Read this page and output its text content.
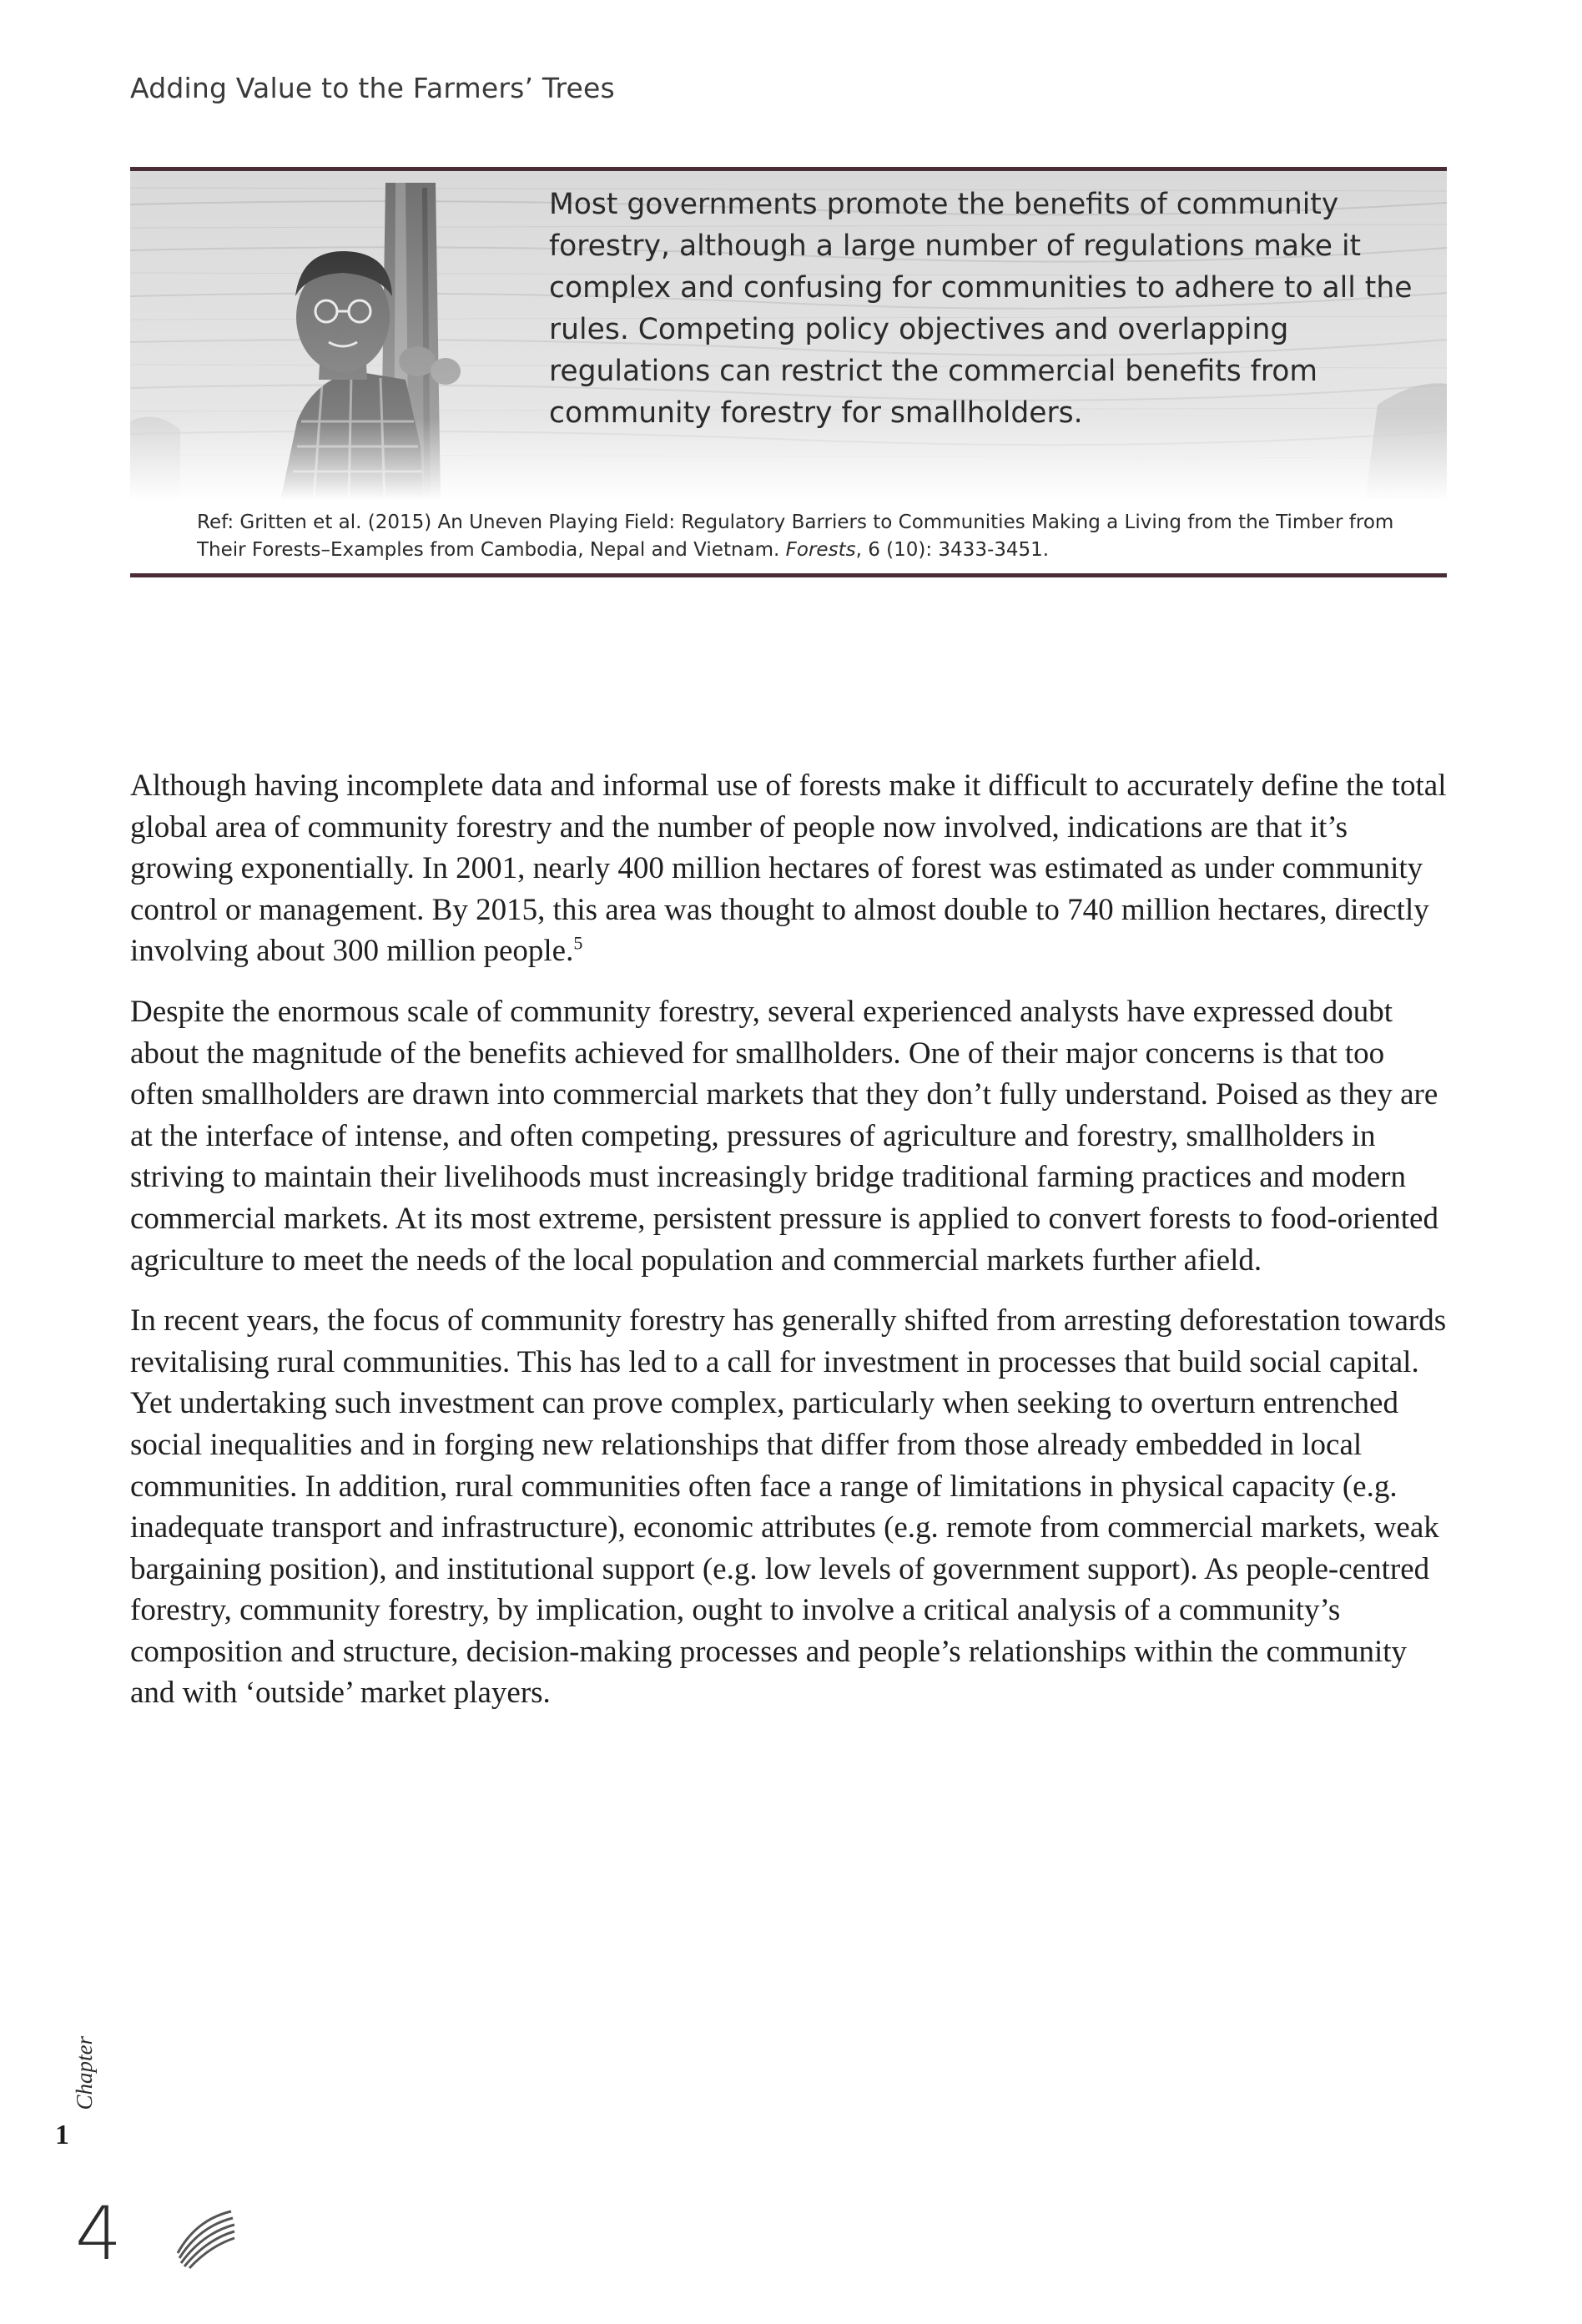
Adding Value to the Farmers’ Trees

Most governments promote the benefits of community forestry, although a large number of regulations make it complex and confusing for communities to adhere to all the rules. Competing policy objectives and overlapping regulations can restrict the commercial benefits from community forestry for smallholders.

Ref: Gritten et al. (2015) An Uneven Playing Field: Regulatory Barriers to Communities Making a Living from the Timber from Their Forests–Examples from Cambodia, Nepal and Vietnam. Forests, 6 (10): 3433-3451.

Although having incomplete data and informal use of forests make it difficult to accurately define the total global area of community forestry and the number of people now involved, indications are that it’s growing exponentially. In 2001, nearly 400 million hectares of forest was estimated as under community control or management. By 2015, this area was thought to almost double to 740 million hectares, directly involving about 300 million people.$^5$

Despite the enormous scale of community forestry, several experienced analysts have expressed doubt about the magnitude of the benefits achieved for smallholders. One of their major concerns is that too often smallholders are drawn into commercial markets that they don’t fully understand. Poised as they are at the interface of intense, and often competing, pressures of agriculture and forestry, smallholders in striving to maintain their livelihoods must increasingly bridge traditional farming practices and modern commercial markets. At its most extreme, persistent pressure is applied to convert forests to food-oriented agriculture to meet the needs of the local population and commercial markets further afield.

In recent years, the focus of community forestry has generally shifted from arresting deforestation towards revitalising rural communities. This has led to a call for investment in processes that build social capital. Yet undertaking such investment can prove complex, particularly when seeking to overturn entrenched social inequalities and in forging new relationships that differ from those already embedded in local communities. In addition, rural communities often face a range of limitations in physical capacity (e.g. inadequate transport and infrastructure), economic attributes (e.g. remote from commercial markets, weak bargaining position), and institutional support (e.g. low levels of government support). As people-centred forestry, community forestry, by implication, ought to involve a critical analysis of a community’s composition and structure, decision-making processes and people’s relationships within the community and with ‘outside’ market players.

Chapter
1
4
